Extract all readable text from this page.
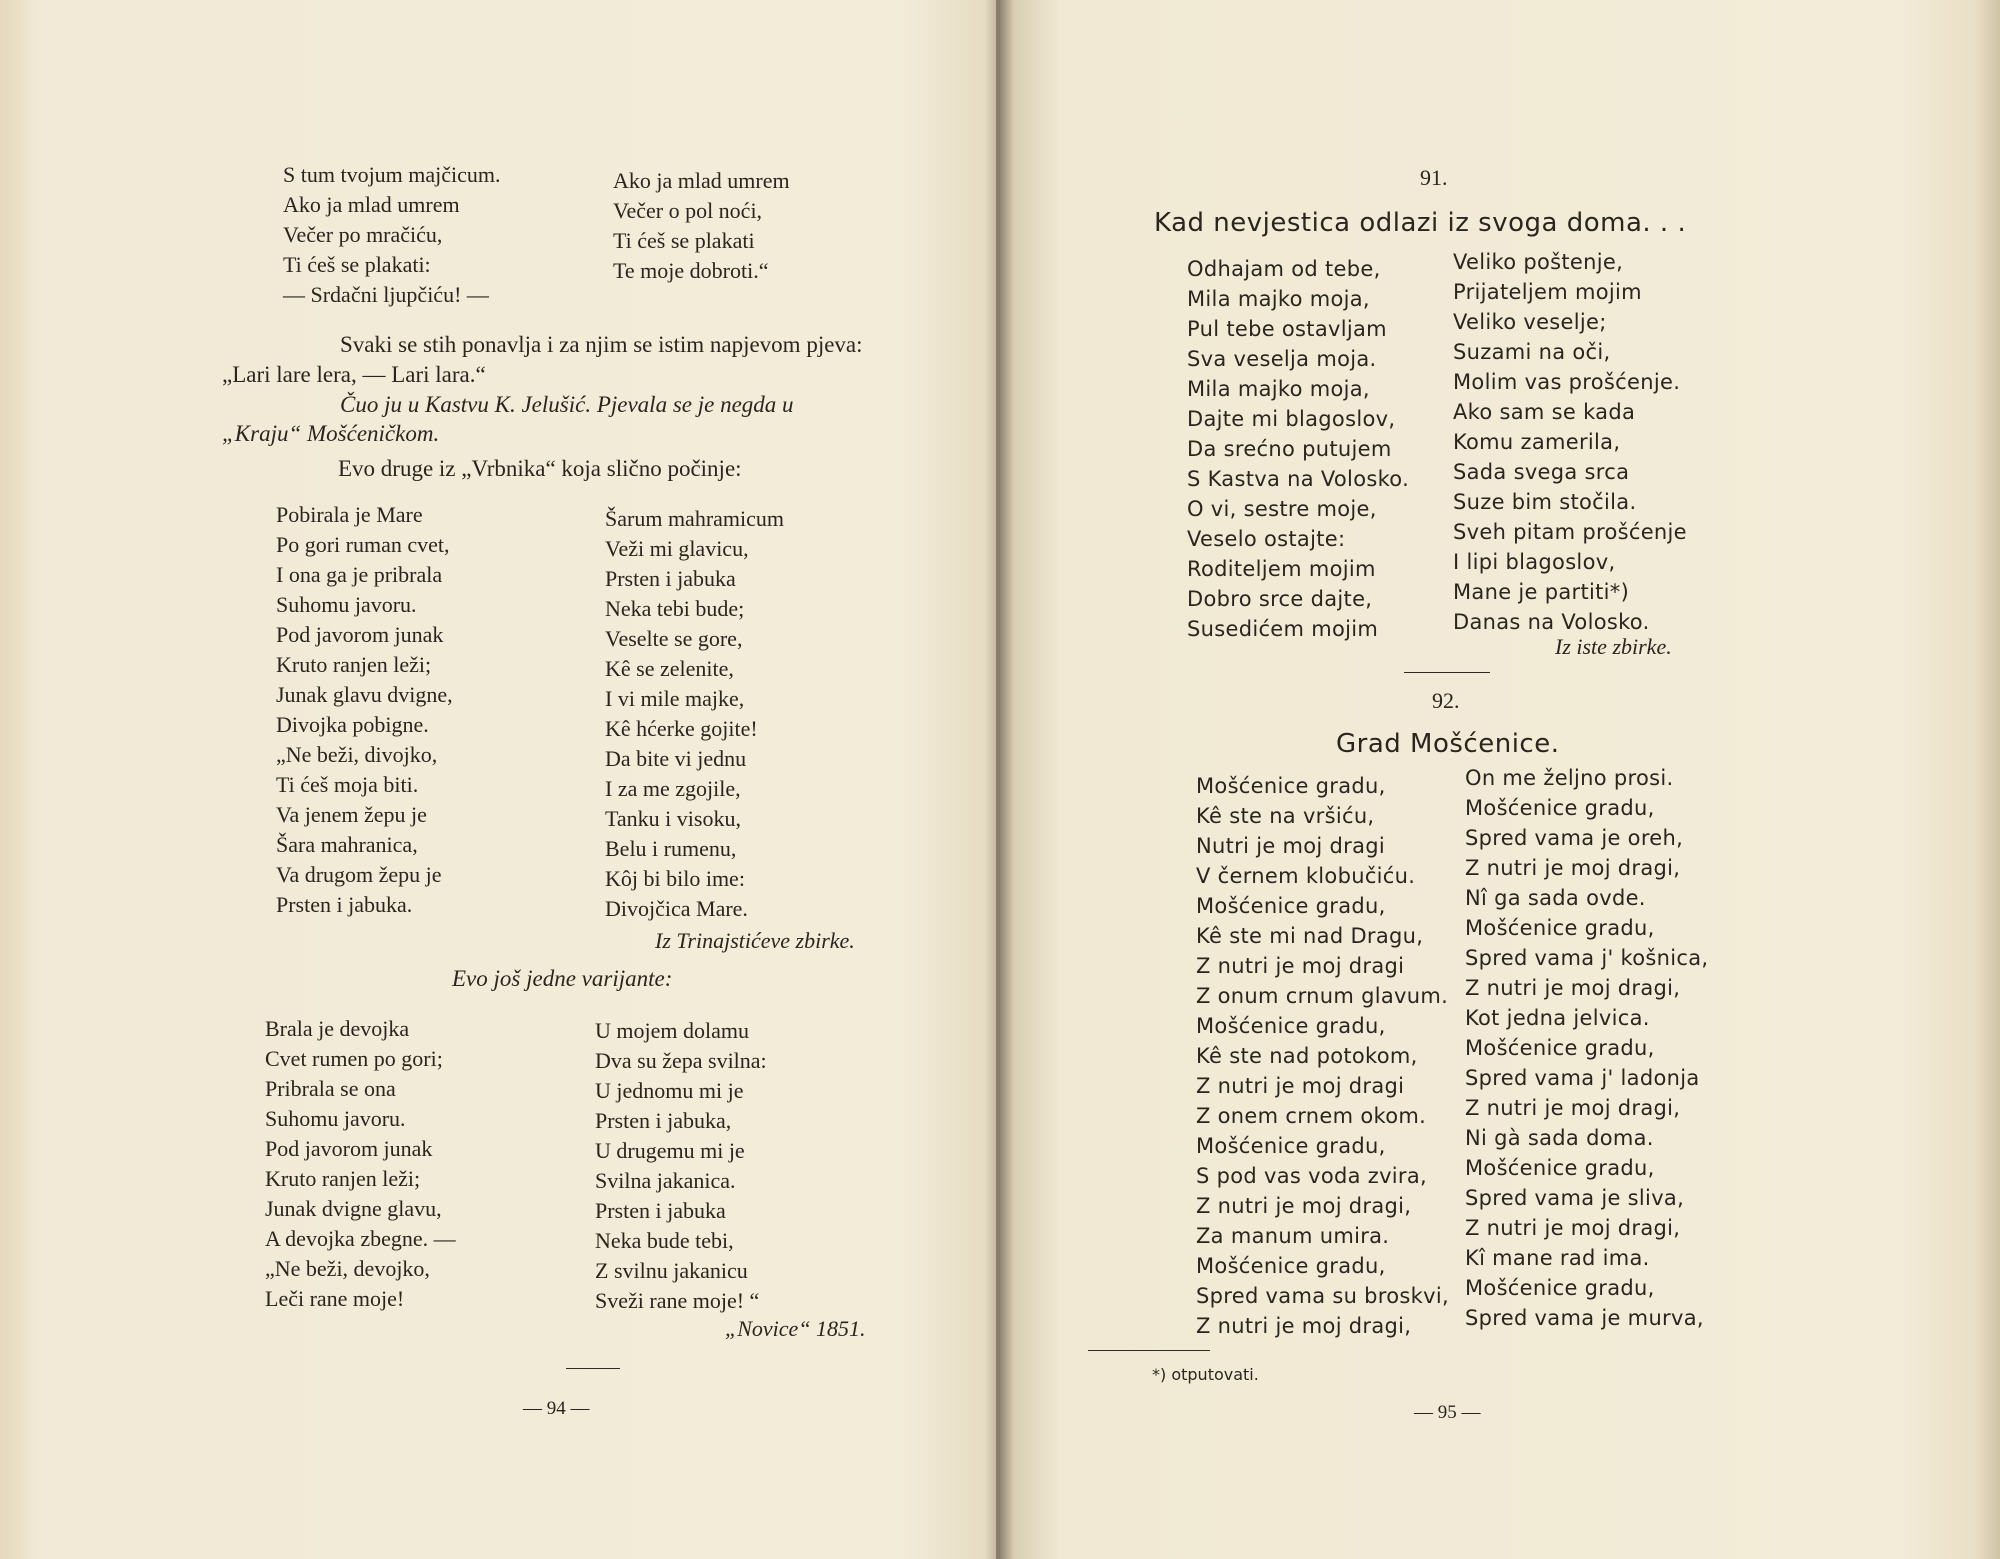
S tum tvojum majčicum.
Ako ja mlad umrem
Večer po mračiću,
Ti ćeš se plakati:
— Srdačni ljupčiću! —
Ako ja mlad umrem
Večer o pol noći,
Ti ćeš se plakati
Te moje dobroti.“
Svaki se stih ponavlja i za njim se istim napjevom pjeva:
„Lari lare lera, — Lari lara.“
Čuo ju u Kastvu K. Jelušić. Pjevala se je negda u
„Kraju“ Mošćeničkom.
Evo druge iz „Vrbnika“ koja slično počinje:
Pobirala je Mare
Po gori ruman cvet,
I ona ga je pribrala
Suhomu javoru.
Pod javorom junak
Kruto ranjen leži;
Junak glavu dvigne,
Divojka pobigne.
„Ne beži, divojko,
Ti ćeš moja biti.
Va jenem žepu je
Šara mahranica,
Va drugom žepu je
Prsten i jabuka.
Šarum mahramicum
Veži mi glavicu,
Prsten i jabuka
Neka tebi bude;
Veselte se gore,
Kê se zelenite,
I vi mile majke,
Kê hćerke gojite!
Da bite vi jednu
I za me zgojile,
Tanku i visoku,
Belu i rumenu,
Kôj bi bilo ime:
Divojčica Mare.
Iz Trinajstićeve zbirke.
Evo još jedne varijante:
Brala je devojka
Cvet rumen po gori;
Pribrala se ona
Suhomu javoru.
Pod javorom junak
Kruto ranjen leži;
Junak dvigne glavu,
A devojka zbegne. —
„Ne beži, devojko,
Leči rane moje!
U mojem dolamu
Dva su žepa svilna:
U jednomu mi je
Prsten i jabuka,
U drugemu mi je
Svilna jakanica.
Prsten i jabuka
Neka bude tebi,
Z svilnu jakanicu
Sveži rane moje! “
„Novice“ 1851.
— 94 —
91.
Kad nevjestica odlazi iz svoga doma. . .
Odhajam od tebe,
Mila majko moja,
Pul tebe ostavljam
Sva veselja moja.
Mila majko moja,
Dajte mi blagoslov,
Da srećno putujem
S Kastva na Volosko.
O vi, sestre moje,
Veselo ostajte:
Roditeljem mojim
Dobro srce dajte,
Susedićem mojim
Veliko poštenje,
Prijateljem mojim
Veliko veselje;
Suzami na oči,
Molim vas prošćenje.
Ako sam se kada
Komu zamerila,
Sada svega srca
Suze bim stočila.
Sveh pitam prošćenje
I lipi blagoslov,
Mane je partiti*)
Danas na Volosko.
Iz iste zbirke.
92.
Grad Mošćenice.
Mošćenice gradu,
Kê ste na vršiću,
Nutri je moj dragi
V černem klobučiću.
Mošćenice gradu,
Kê ste mi nad Dragu,
Z nutri je moj dragi
Z onum crnum glavum.
Mošćenice gradu,
Kê ste nad potokom,
Z nutri je moj dragi
Z onem crnem okom.
Mošćenice gradu,
S pod vas voda zvira,
Z nutri je moj dragi,
Za manum umira.
Mošćenice gradu,
Spred vama su broskvi,
Z nutri je moj dragi,
On me željno prosi.
Mošćenice gradu,
Spred vama je oreh,
Z nutri je moj dragi,
Nî ga sada ovde.
Mošćenice gradu,
Spred vama j' košnica,
Z nutri je moj dragi,
Kot jedna jelvica.
Mošćenice gradu,
Spred vama j' ladonja
Z nutri je moj dragi,
Ni gà sada doma.
Mošćenice gradu,
Spred vama je sliva,
Z nutri je moj dragi,
Kî mane rad ima.
Mošćenice gradu,
Spred vama je murva,
*) otputovati.
— 95 —
